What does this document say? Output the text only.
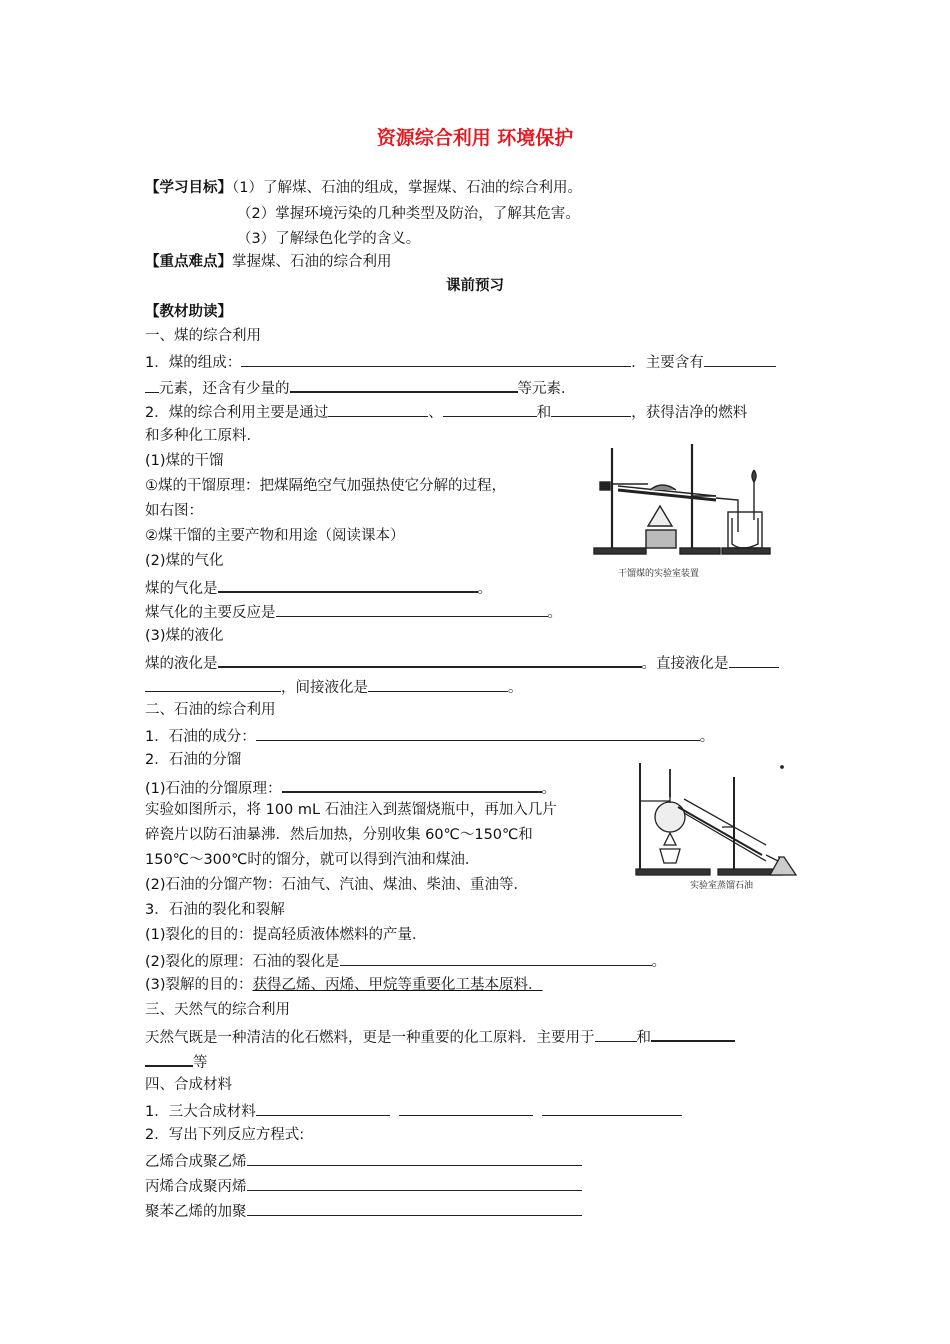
资源综合利用 环境保护
【学习目标】（1）了解煤、石油的组成，掌握煤、石油的综合利用。
（2）掌握环境污染的几种类型及防治，了解其危害。
（3）了解绿色化学的含义。
【重点难点】掌握煤、石油的综合利用
课前预习
【教材助读】
一、煤的综合利用
1．煤的组成：	．主要含有
元素，还含有少量的	等元素．
2．煤的综合利用主要是通过	、	和	，获得洁净的燃料
和多种化工原料．
(1)煤的干馏
①煤的干馏原理：把煤隔绝空气加强热使它分解的过程，
如右图：
②煤干馏的主要产物和用途（阅读课本）
(2)煤的气化
煤的气化是	。
煤气化的主要反应是	。
(3)煤的液化
煤的液化是	。直接液化是
，间接液化是	。
干馏煤的实验室装置
二、石油的综合利用
1．石油的成分：	。
2．石油的分馏
(1)石油的分馏原理：	。
实验如图所示，将 100 mL 石油注入到蒸馏烧瓶中，再加入几片
碎瓷片以防石油暴沸．然后加热，分别收集 60℃～150℃和
150℃～300℃时的馏分，就可以得到汽油和煤油．
(2)石油的分馏产物：石油气、汽油、煤油、柴油、重油等．
3．石油的裂化和裂解
(1)裂化的目的：提高轻质液体燃料的产量．
(2)裂化的原理：石油的裂化是	。
(3)裂解的目的：获得乙烯、丙烯、甲烷等重要化工基本原料．
实验室蒸馏石油
三、天然气的综合利用
天然气既是一种清洁的化石燃料，更是一种重要的化工原料．主要用于	和
等
四、合成材料
1．三大合成材料
2．写出下列反应方程式:
乙烯合成聚乙烯
丙烯合成聚丙烯
聚苯乙烯的加聚
